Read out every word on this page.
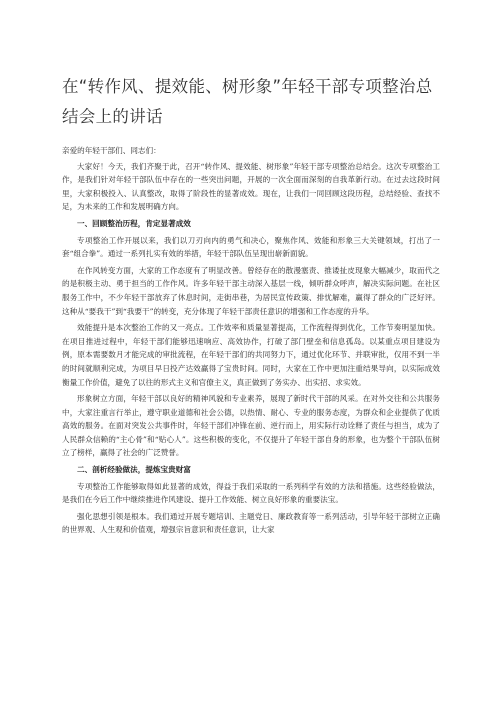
在“转作风、提效能、树形象”年轻干部专项整治总结会上的讲话
亲爱的年轻干部们、同志们：
大家好！今天，我们齐聚于此，召开“转作风、提效能、树形象”年轻干部专项整治总结会。这次专项整治工作，是我们针对年轻干部队伍中存在的一些突出问题，开展的一次全面而深刻的自我革新行动。在过去这段时间里，大家积极投入、认真整改，取得了阶段性的显著成效。现在，让我们一同回顾这段历程，总结经验、查找不足，为未来的工作和发展明确方向。
一、回顾整治历程，肯定显著成效
专项整治工作开展以来，我们以刀刃向内的勇气和决心，聚焦作风、效能和形象三大关键领域，打出了一套“组合拳”。通过一系列扎实有效的举措，年轻干部队伍呈现出崭新面貌。
在作风转变方面，大家的工作态度有了明显改善。曾经存在的散漫塞责、推诿扯皮现象大幅减少，取而代之的是积极主动、勇于担当的工作作风。许多年轻干部主动深入基层一线，倾听群众呼声，解决实际问题。在社区服务工作中，不少年轻干部放弃了休息时间，走街串巷，为居民宣传政策、排忧解难，赢得了群众的广泛好评。这种从“要我干”到“我要干”的转变，充分体现了年轻干部责任意识的增强和工作态度的升华。
效能提升是本次整治工作的又一亮点。工作效率和质量显著提高，工作流程得到优化，工作节奏明显加快。在项目推进过程中，年轻干部们能够迅速响应、高效协作，打破了部门壁垒和信息孤岛。以某重点项目建设为例，原本需要数月才能完成的审批流程，在年轻干部们的共同努力下，通过优化环节、并联审批，仅用不到一半的时间就顺利完成，为项目早日投产达效赢得了宝贵时间。同时，大家在工作中更加注重结果导向，以实际成效衡量工作价值，避免了以往的形式主义和官僚主义，真正做到了务实办、出实招、求实效。
形象树立方面，年轻干部以良好的精神风貌和专业素养，展现了新时代干部的风采。在对外交往和公共服务中，大家注重言行举止，遵守职业道德和社会公德，以热情、耐心、专业的服务态度，为群众和企业提供了优质高效的服务。在面对突发公共事件时，年轻干部们冲锋在前、逆行而上，用实际行动诠释了责任与担当，成为了人民群众信赖的“主心骨”和“贴心人”。这些积极的变化，不仅提升了年轻干部自身的形象，也为整个干部队伍树立了榜样，赢得了社会的广泛赞誉。
二、剖析经验做法，提炼宝贵财富
专项整治工作能够取得如此显著的成效，得益于我们采取的一系列科学有效的方法和措施。这些经验做法，是我们在今后工作中继续推进作风建设、提升工作效能、树立良好形象的重要法宝。
强化思想引领是根本。我们通过开展专题培训、主题党日、廉政教育等一系列活动，引导年轻干部树立正确的世界观、人生观和价值观，增强宗旨意识和责任意识，让大家
